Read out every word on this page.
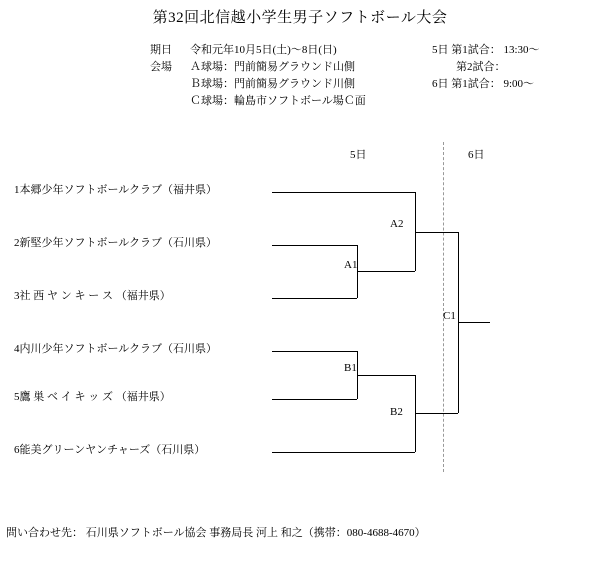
第32回北信越小学生男子ソフトボール大会
期日	令和元年10月5日(土)～8日(日)
会場	Ａ球場：門前簡易グラウンド山側
Ｂ球場：門前簡易グラウンド川側
Ｃ球場：輪島市ソフトボール場Ｃ面
5日 第1試合： 13:30～
第2試合：
6日 第1試合： 9:00～
5日	6日
1本郷少年ソフトボールクラブ（福井県）
2新堅少年ソフトボールクラブ（石川県）
3社 西 ヤ ン キ ー ス （福井県）
4内川少年ソフトボールクラブ（石川県）
5鷹 巣 ベ イ キ ッ ズ （福井県）
6能美グリーンヤンチャーズ（石川県）
A1
A2
B1
B2
C1
問い合わせ先： 石川県ソフトボール協会 事務局長 河上 和之（携帯：080-4688-4670）
